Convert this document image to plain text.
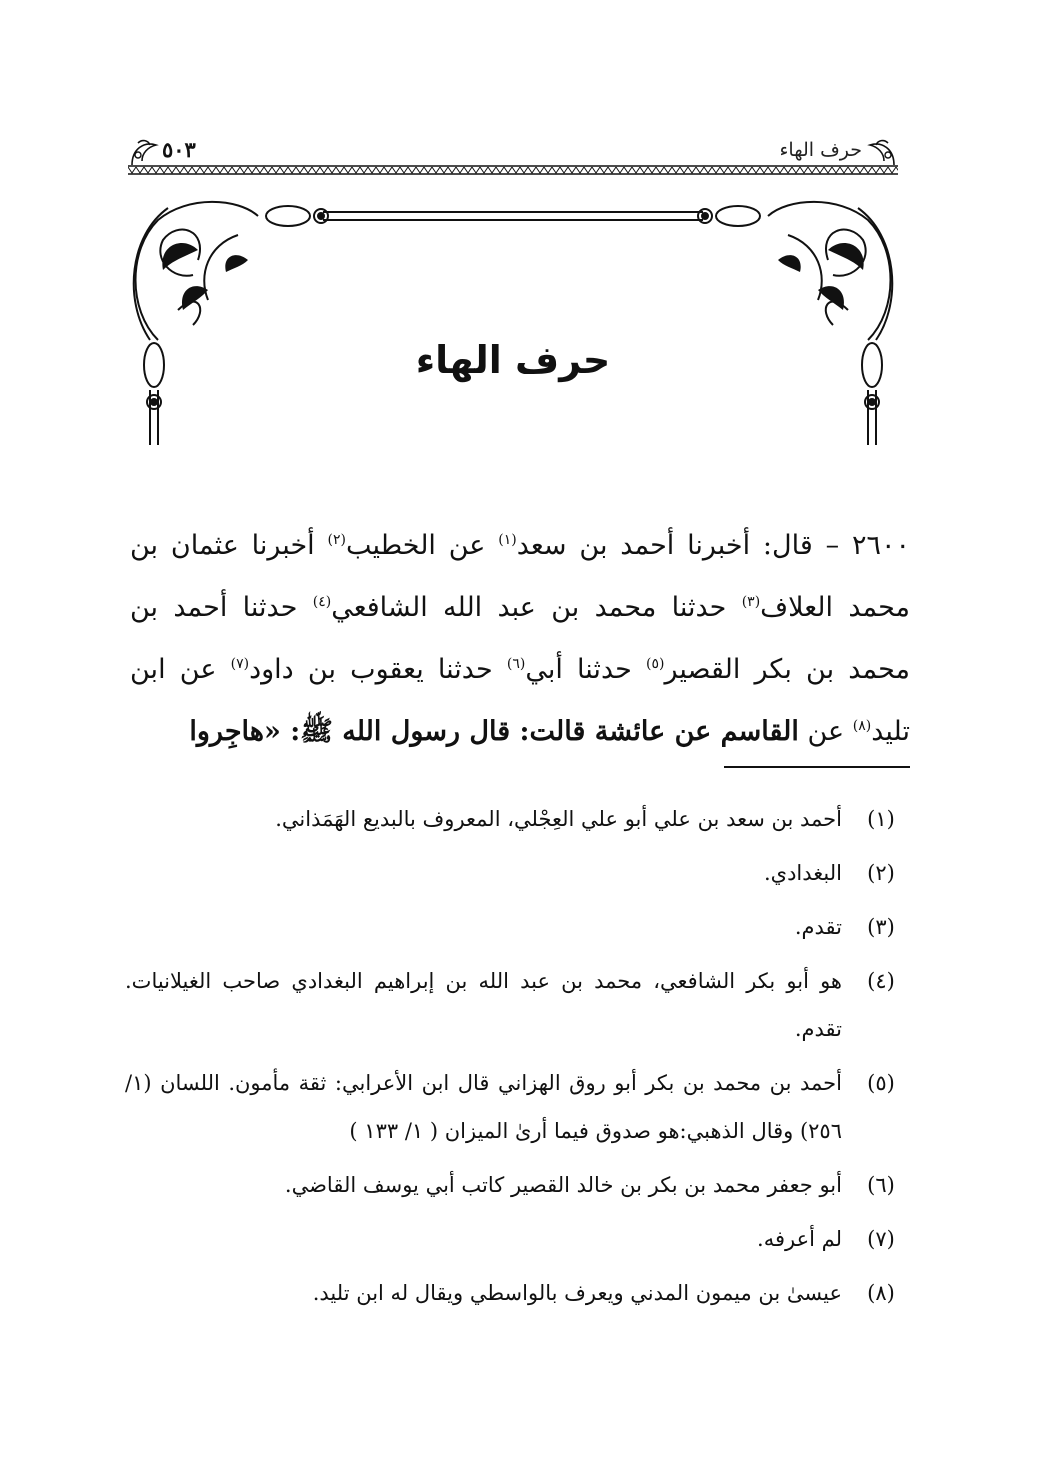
حرف الهاء
٥٠٣
حرف الهاء
٢٦٠٠ – قال: أخبرنا أحمد بن سعد$^{(١)}$ عن الخطيب$^{(٢)}$ أخبرنا عثمان بن محمد العلاف$^{(٣)}$ حدثنا محمد بن عبد الله الشافعي$^{(٤)}$ حدثنا أحمد بن محمد بن بكر القصير$^{(٥)}$ حدثنا أبي$^{(٦)}$ حدثنا يعقوب بن داود$^{(٧)}$ عن ابن تليد$^{(٨)}$ عن القاسم عن عائشة قالت: قال رسول الله ﷺ: «هاجِروا
(١)
أحمد بن سعد بن علي أبو علي العِجْلي، المعروف بالبديع الهَمَذاني.
(٢)
البغدادي.
(٣)
تقدم.
(٤)
هو أبو بكر الشافعي، محمد بن عبد الله بن إبراهيم البغدادي صاحب الغيلانيات. تقدم.
(٥)
أحمد بن محمد بن بكر أبو روق الهزاني قال ابن الأعرابي: ثقة مأمون. اللسان (١/ ٢٥٦) وقال الذهبي:هو صدوق فيما أرىٰ الميزان ( ١/ ١٣٣ )
(٦)
أبو جعفر محمد بن بكر بن خالد القصير كاتب أبي يوسف القاضي.
(٧)
لم أعرفه.
(٨)
عيسىٰ بن ميمون المدني ويعرف بالواسطي ويقال له ابن تليد.
